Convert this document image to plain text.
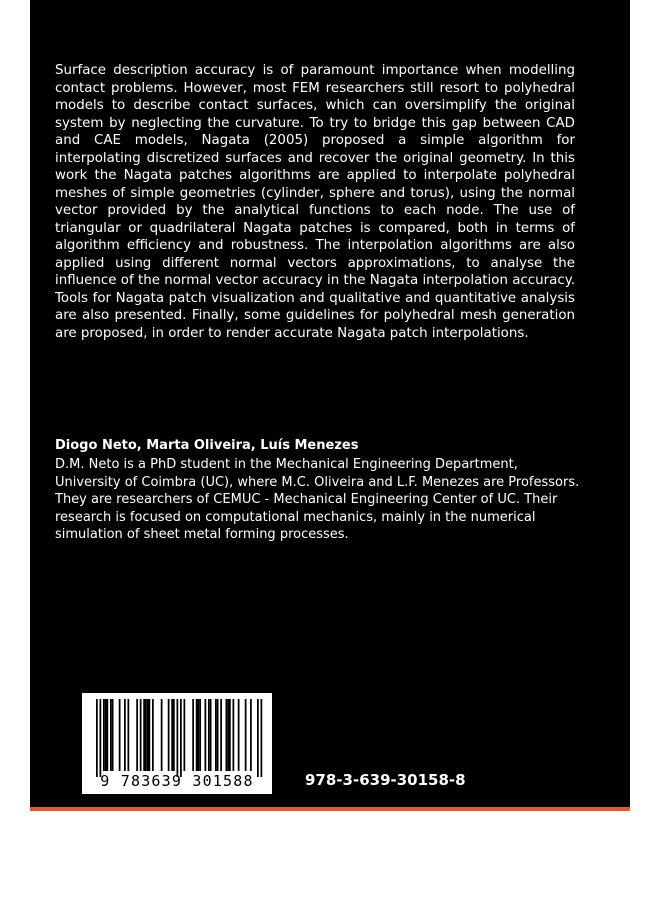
Surface description accuracy is of paramount importance when modelling contact problems. However, most FEM researchers still resort to polyhedral models to describe contact surfaces, which can oversimplify the original system by neglecting the curvature. To try to bridge this gap between CAD and CAE models, Nagata (2005) proposed a simple algorithm for interpolating discretized surfaces and recover the original geometry. In this work the Nagata patches algorithms are applied to interpolate polyhedral meshes of simple geometries (cylinder, sphere and torus), using the normal vector provided by the analytical functions to each node. The use of triangular or quadrilateral Nagata patches is compared, both in terms of algorithm efficiency and robustness. The interpolation algorithms are also applied using different normal vectors approximations, to analyse the influence of the normal vector accuracy in the Nagata interpolation accuracy. Tools for Nagata patch visualization and qualitative and quantitative analysis are also presented. Finally, some guidelines for polyhedral mesh generation are proposed, in order to render accurate Nagata patch interpolations.

Diogo Neto, Marta Oliveira, Luís Menezes

D.M. Neto is a PhD student in the Mechanical Engineering Department, University of Coimbra (UC), where M.C. Oliveira and L.F. Menezes are Professors. They are researchers of CEMUC - Mechanical Engineering Center of UC. Their research is focused on computational mechanics, mainly in the numerical simulation of sheet metal forming processes.

9 783639 301588	978-3-639-30158-8
